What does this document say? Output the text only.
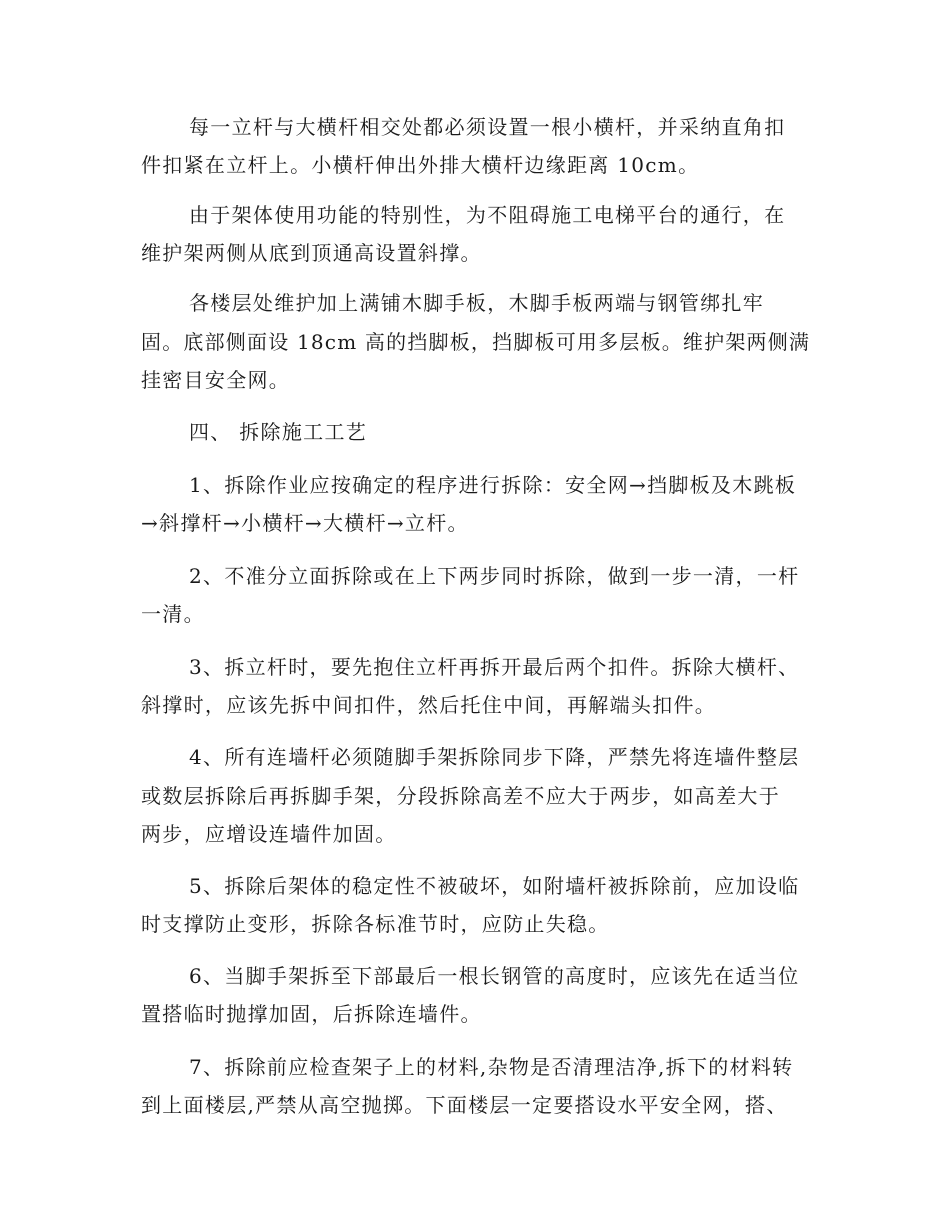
每一立杆与大横杆相交处都必须设置一根小横杆，并采纳直角扣
件扣紧在立杆上。小横杆伸出外排大横杆边缘距离 10cm。
由于架体使用功能的特别性，为不阻碍施工电梯平台的通行，在
维护架两侧从底到顶通高设置斜撑。
各楼层处维护加上满铺木脚手板，木脚手板两端与钢管绑扎牢
固。底部侧面设 18cm 高的挡脚板，挡脚板可用多层板。维护架两侧满
挂密目安全网。
四、 拆除施工工艺
1、拆除作业应按确定的程序进行拆除：安全网→挡脚板及木跳板
→斜撑杆→小横杆→大横杆→立杆。
2、不准分立面拆除或在上下两步同时拆除，做到一步一清，一杆
一清。
3、拆立杆时，要先抱住立杆再拆开最后两个扣件。拆除大横杆、
斜撑时，应该先拆中间扣件，然后托住中间，再解端头扣件。
4、所有连墙杆必须随脚手架拆除同步下降，严禁先将连墙件整层
或数层拆除后再拆脚手架，分段拆除高差不应大于两步，如高差大于
两步，应增设连墙件加固。
5、拆除后架体的稳定性不被破坏，如附墙杆被拆除前，应加设临
时支撑防止变形，拆除各标准节时，应防止失稳。
6、当脚手架拆至下部最后一根长钢管的高度时，应该先在适当位
置搭临时抛撑加固，后拆除连墙件。
7、拆除前应检查架子上的材料,杂物是否清理洁净,拆下的材料转
到上面楼层,严禁从高空抛掷。下面楼层一定要搭设水平安全网，搭、
